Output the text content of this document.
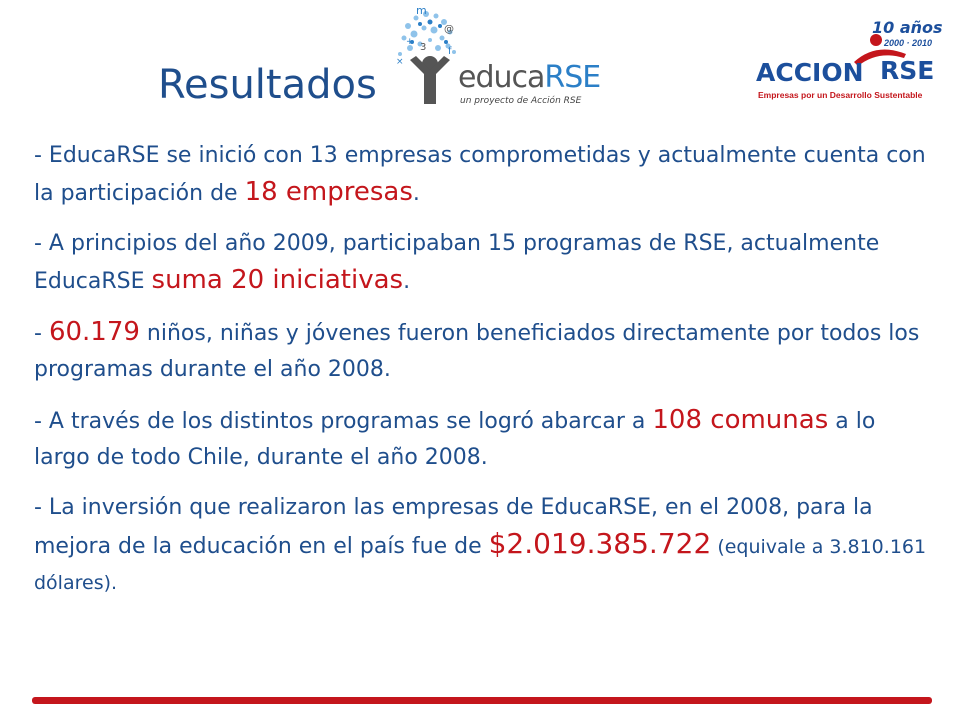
Resultados
m
@
+ 3 f
× educaRSE
un proyecto de Acción RSE
10 años
2000 · 2010
ACCION RSE
Empresas por un Desarrollo Sustentable

- EducaRSE se inició con 13 empresas comprometidas y actualmente cuenta con la participación de 18 empresas.

- A principios del año 2009, participaban 15 programas de RSE, actualmente EducaRSE suma 20 iniciativas.

- 60.179 niños, niñas y jóvenes fueron beneficiados directamente por todos los programas durante el año 2008.

- A través de los distintos programas se logró abarcar a 108 comunas a lo largo de todo Chile, durante el año 2008.

- La inversión que realizaron las empresas de EducaRSE, en el 2008, para la mejora de la educación en el país fue de $2.019.385.722 (equivale a 3.810.161 dólares).
